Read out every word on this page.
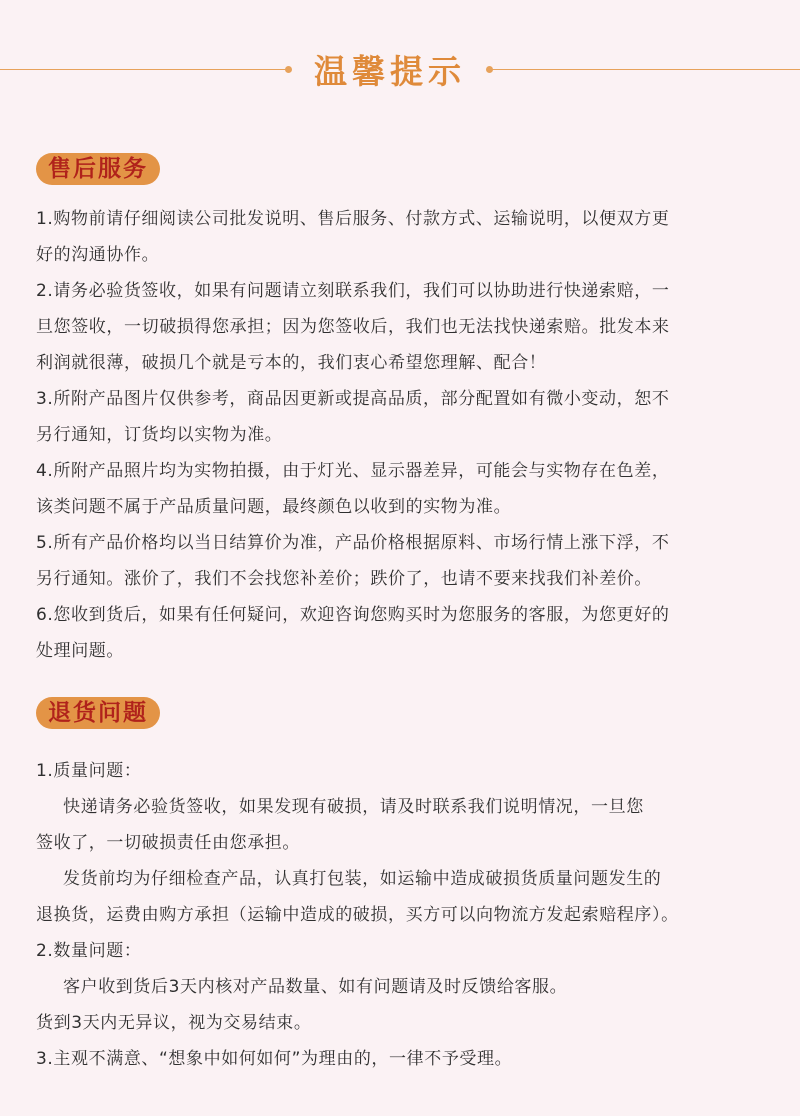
温馨提示
售后服务
1.购物前请仔细阅读公司批发说明、售后服务、付款方式、运输说明，以便双方更
好的沟通协作。
2.请务必验货签收，如果有问题请立刻联系我们，我们可以协助进行快递索赔，一
旦您签收，一切破损得您承担；因为您签收后，我们也无法找快递索赔。批发本来
利润就很薄，破损几个就是亏本的，我们衷心希望您理解、配合！
3.所附产品图片仅供参考，商品因更新或提高品质，部分配置如有微小变动，恕不
另行通知，订货均以实物为准。
4.所附产品照片均为实物拍摄，由于灯光、显示器差异，可能会与实物存在色差，
该类问题不属于产品质量问题，最终颜色以收到的实物为准。
5.所有产品价格均以当日结算价为准，产品价格根据原料、市场行情上涨下浮，不
另行通知。涨价了，我们不会找您补差价；跌价了，也请不要来找我们补差价。
6.您收到货后，如果有任何疑问，欢迎咨询您购买时为您服务的客服，为您更好的
处理问题。
退货问题
1.质量问题：
快递请务必验货签收，如果发现有破损，请及时联系我们说明情况，一旦您
签收了，一切破损责任由您承担。
发货前均为仔细检查产品，认真打包装，如运输中造成破损货质量问题发生的
退换货，运费由购方承担（运输中造成的破损，买方可以向物流方发起索赔程序）。
2.数量问题：
客户收到货后3天内核对产品数量、如有问题请及时反馈给客服。
货到3天内无异议，视为交易结束。
3.主观不满意、“想象中如何如何”为理由的，一律不予受理。
